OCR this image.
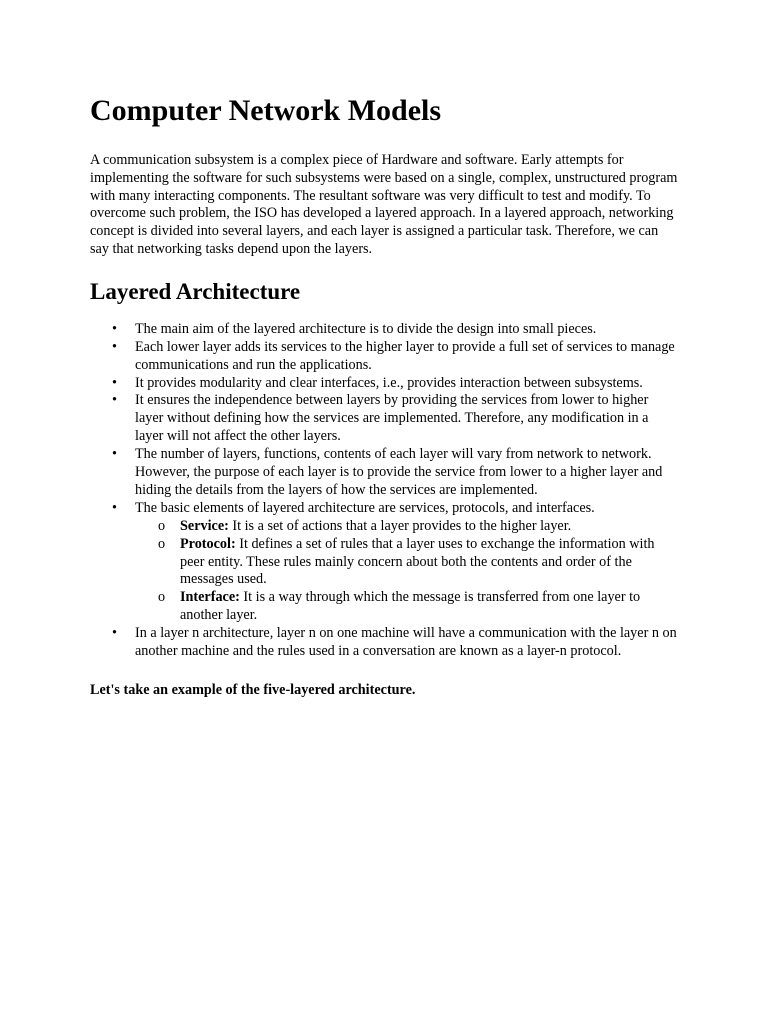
Computer Network Models

A communication subsystem is a complex piece of Hardware and software. Early attempts for implementing the software for such subsystems were based on a single, complex, unstructured program with many interacting components. The resultant software was very difficult to test and modify. To overcome such problem, the ISO has developed a layered approach. In a layered approach, networking concept is divided into several layers, and each layer is assigned a particular task. Therefore, we can say that networking tasks depend upon the layers.

Layered Architecture
• The main aim of the layered architecture is to divide the design into small pieces.
• Each lower layer adds its services to the higher layer to provide a full set of services to manage communications and run the applications.
• It provides modularity and clear interfaces, i.e., provides interaction between subsystems.
• It ensures the independence between layers by providing the services from lower to higher layer without defining how the services are implemented. Therefore, any modification in a layer will not affect the other layers.
• The number of layers, functions, contents of each layer will vary from network to network. However, the purpose of each layer is to provide the service from lower to a higher layer and hiding the details from the layers of how the services are implemented.
• The basic elements of layered architecture are services, protocols, and interfaces.
o Service: It is a set of actions that a layer provides to the higher layer.
o Protocol: It defines a set of rules that a layer uses to exchange the information with peer entity. These rules mainly concern about both the contents and order of the messages used.
o Interface: It is a way through which the message is transferred from one layer to another layer.
• In a layer n architecture, layer n on one machine will have a communication with the layer n on another machine and the rules used in a conversation are known as a layer-n protocol.

Let's take an example of the five-layered architecture.
